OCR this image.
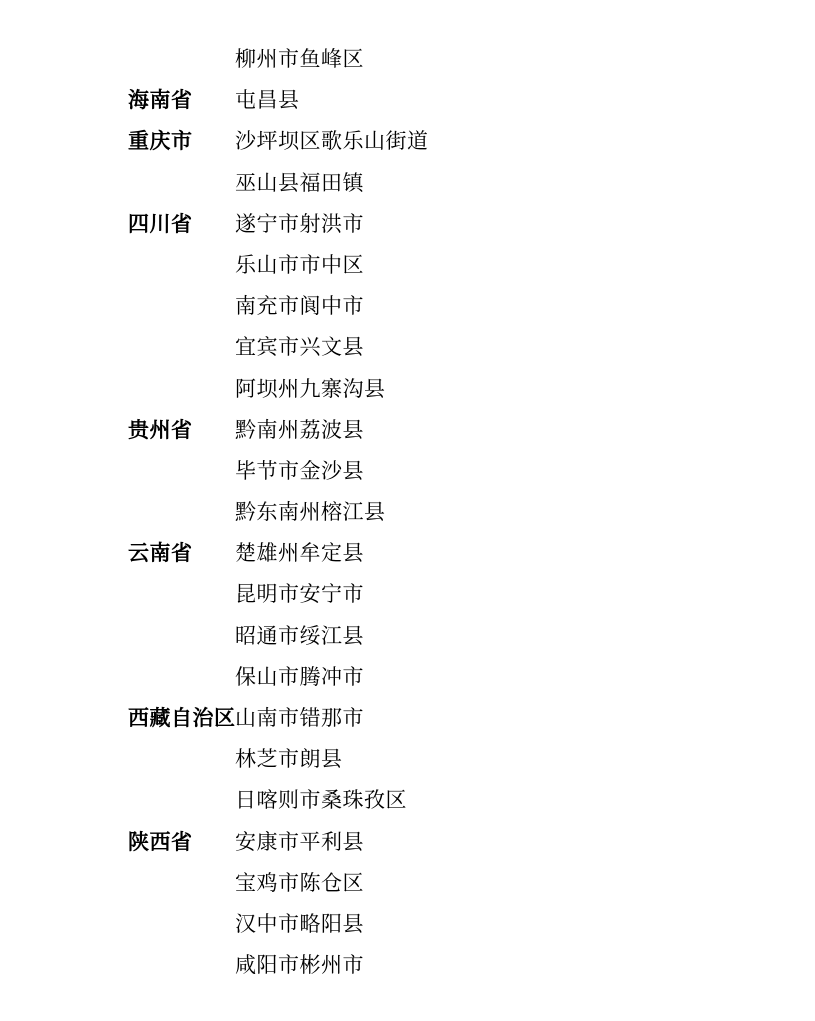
柳州市鱼峰区
海南省	屯昌县
重庆市	沙坪坝区歌乐山街道
巫山县福田镇
四川省	遂宁市射洪市
乐山市市中区
南充市阆中市
宜宾市兴文县
阿坝州九寨沟县
贵州省	黔南州荔波县
毕节市金沙县
黔东南州榕江县
云南省	楚雄州牟定县
昆明市安宁市
昭通市绥江县
保山市腾冲市
西藏自治区 山南市错那市
林芝市朗县
日喀则市桑珠孜区
陕西省	安康市平利县
宝鸡市陈仓区
汉中市略阳县
咸阳市彬州市
